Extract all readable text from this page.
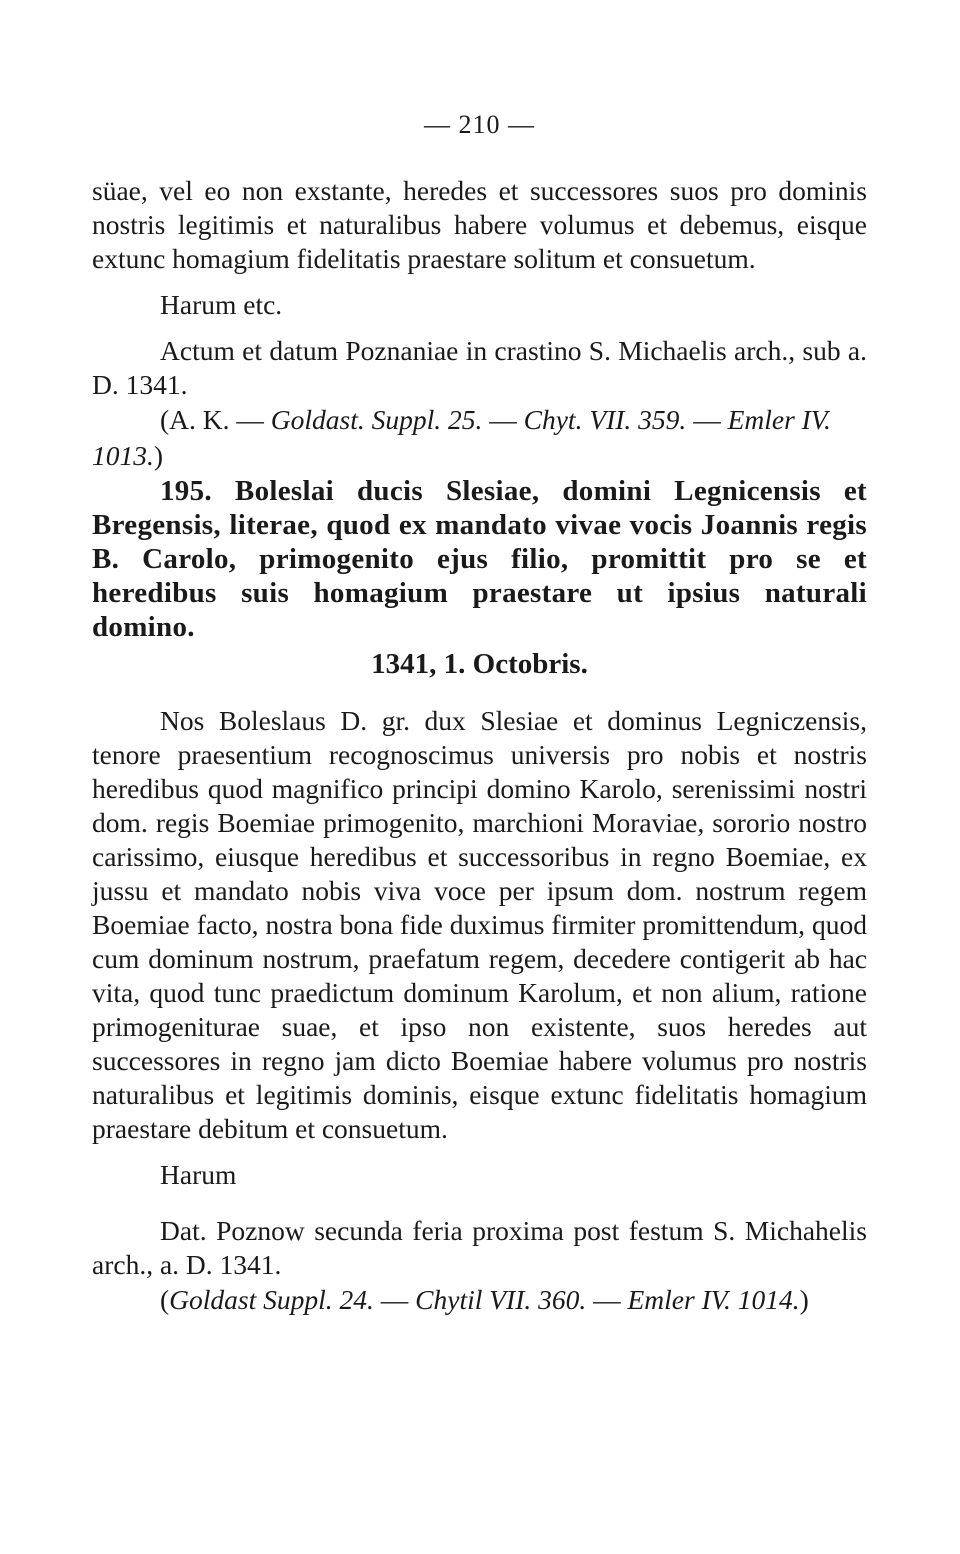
— 210 —

süae, vel eo non exstante, heredes et successores suos pro dominis nostris legitimis et naturalibus habere volumus et debemus, eisque extunc homagium fidelitatis praestare solitum et consuetum.

Harum etc.

Actum et datum Poznaniae in crastino S. Michaelis arch., sub a. D. 1341.

(A. K. — Goldast. Suppl. 25. — Chyt. VII. 359. — Emler IV. 1013.)

195. Boleslai ducis Slesiae, domini Legnicensis et Bregensis, literae, quod ex mandato vivae vocis Joannis regis B. Carolo, primogenito ejus filio, promittit pro se et heredibus suis homagium praestare ut ipsius naturali domino.

1341, 1. Octobris.

Nos Boleslaus D. gr. dux Slesiae et dominus Legniczensis, tenore praesentium recognoscimus universis pro nobis et nostris heredibus quod magnifico principi domino Karolo, serenissimi nostri dom. regis Boemiae primogenito, marchioni Moraviae, sororio nostro carissimo, eiusque heredibus et successoribus in regno Boemiae, ex jussu et mandato nobis viva voce per ipsum dom. nostrum regem Boemiae facto, nostra bona fide duximus firmiter promittendum, quod cum dominum nostrum, praefatum regem, decedere contigerit ab hac vita, quod tunc praedictum dominum Karolum, et non alium, ratione primogeniturae suae, et ipso non existente, suos heredes aut successores in regno jam dicto Boemiae habere volumus pro nostris naturalibus et legitimis dominis, eisque extunc fidelitatis homagium praestare debitum et consuetum.

Harum

Dat. Poznow secunda feria proxima post festum S. Michahelis arch., a. D. 1341.

(Goldast Suppl. 24. — Chytil VII. 360. — Emler IV. 1014.)
